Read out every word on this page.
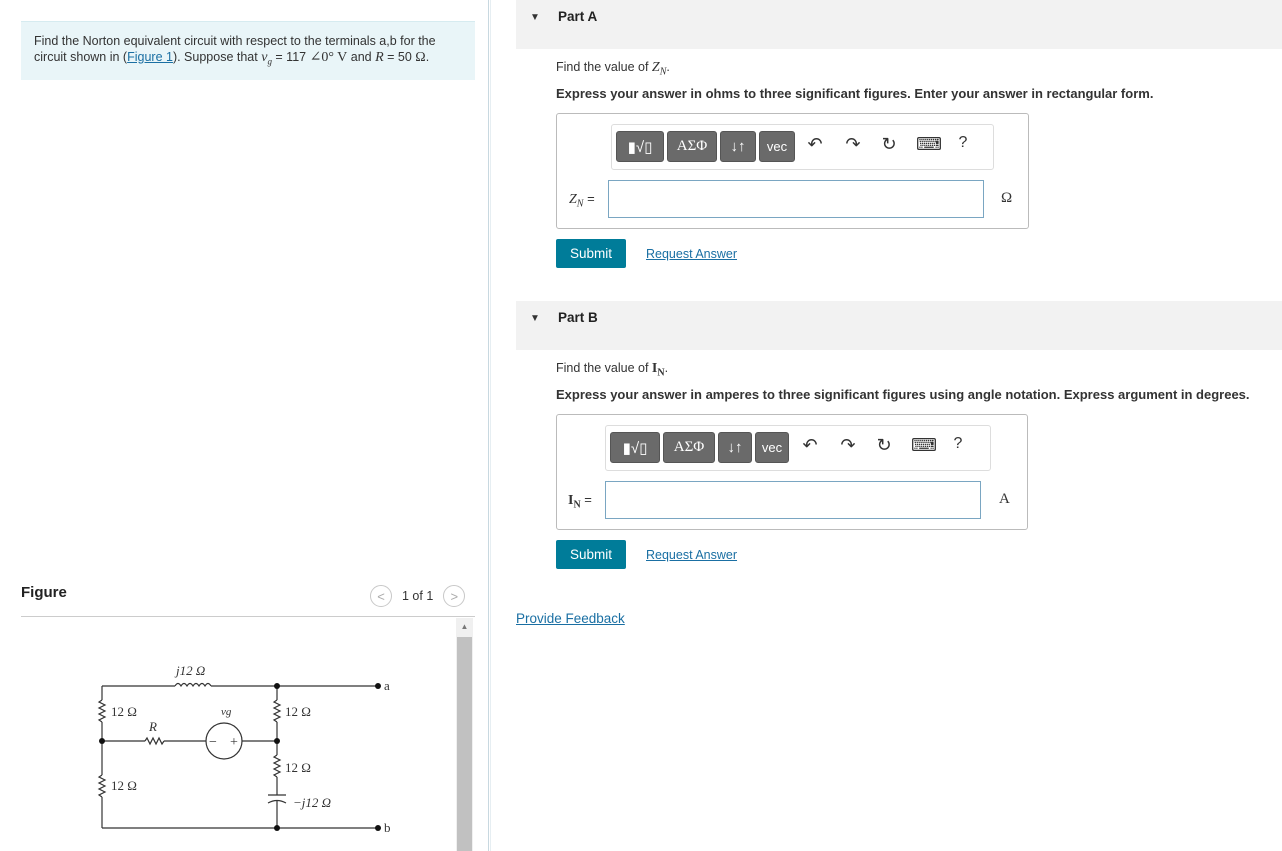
Find the Norton equivalent circuit with respect to the terminals a,b for the circuit shown in (Figure 1). Suppose that $v_g = 117$ ∠0° V and R = 50 Ω.
Figure	< 1 of 1 >
▲
j12 Ω
12 Ω
R
vg	12 Ω
12 Ω
12 Ω
−j12 Ω
a
b
− +
▼ Part A
Find the value of $Z_N$.
Express your answer in ohms to three significant figures. Enter your answer in rectangular form.
▮√▯ ΑΣΦ ↓↑ vec ↶ ↷ ↻ ⌨	?
$Z_N$ =	Ω
Submit	Request Answer
▼ Part B
Find the value of $I_N$.
Express your answer in amperes to three significant figures using angle notation. Express argument in degrees.
▮√▯ ΑΣΦ ↓↑ vec ↶ ↷ ↻ ⌨	?
$I_N$ =	A
Submit	Request Answer
Provide Feedback
